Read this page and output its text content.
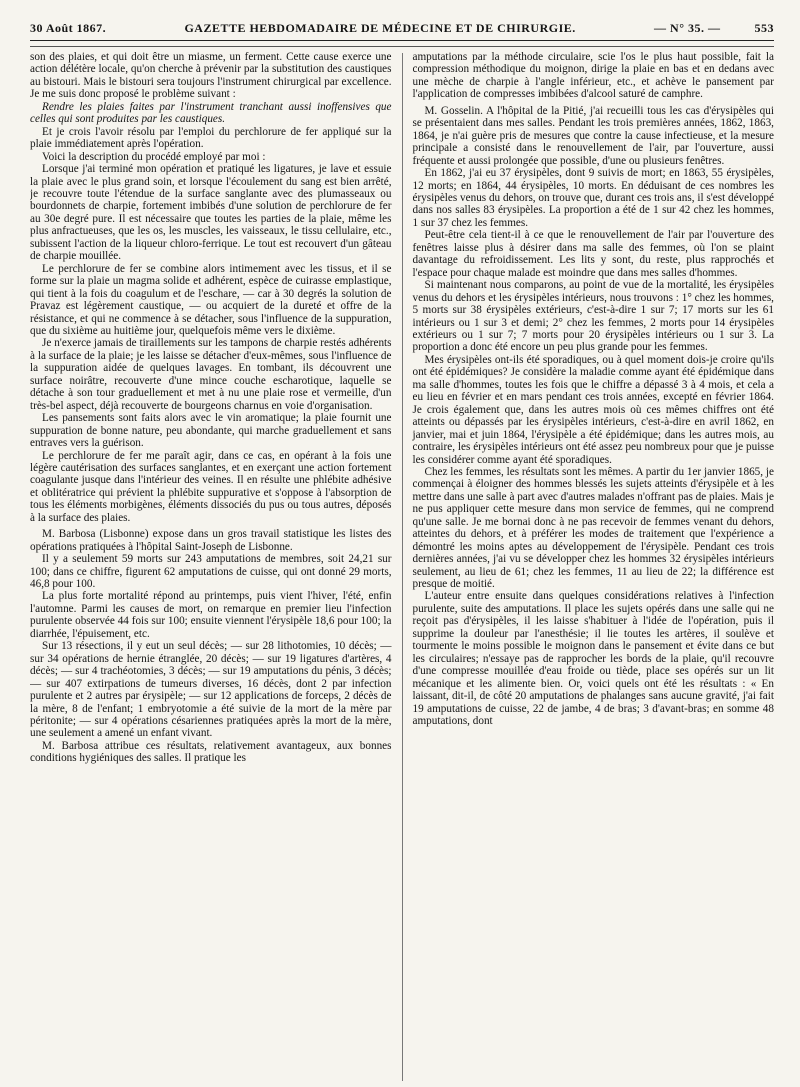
30 Août 1867.	GAZETTE HEBDOMADAIRE DE MÉDECINE ET DE CHIRURGIE.	— N° 35. —	553

son des plaies, et qui doit être un miasme, un ferment. Cette cause exerce une action délétère locale, qu'on cherche à prévenir par la substitution des caustiques au bistouri. Mais le bistouri sera toujours l'instrument chirurgical par excellence. Je me suis donc proposé le problème suivant :

Rendre les plaies faites par l'instrument tranchant aussi inoffensives que celles qui sont produites par les caustiques.

Et je crois l'avoir résolu par l'emploi du perchlorure de fer appliqué sur la plaie immédiatement après l'opération.

Voici la description du procédé employé par moi :

Lorsque j'ai terminé mon opération et pratiqué les ligatures, je lave et essuie la plaie avec le plus grand soin, et lorsque l'écoulement du sang est bien arrêté, je recouvre toute l'étendue de la surface sanglante avec des plumasseaux ou bourdonnets de charpie, fortement imbibés d'une solution de perchlorure de fer au 30e degré pure. Il est nécessaire que toutes les parties de la plaie, même les plus anfractueuses, que les os, les muscles, les vaisseaux, le tissu cellulaire, etc., subissent l'action de la liqueur chloro-ferrique. Le tout est recouvert d'un gâteau de charpie mouillée.

Le perchlorure de fer se combine alors intimement avec les tissus, et il se forme sur la plaie un magma solide et adhérent, espèce de cuirasse emplastique, qui tient à la fois du coagulum et de l'eschare, — car à 30 degrés la solution de Pravaz est légèrement caustique, — ou acquiert de la dureté et offre de la résistance, et qui ne commence à se détacher, sous l'influence de la suppuration, que du sixième au huitième jour, quelquefois même vers le dixième.

Je n'exerce jamais de tiraillements sur les tampons de charpie restés adhérents à la surface de la plaie; je les laisse se détacher d'eux-mêmes, sous l'influence de la suppuration aidée de quelques lavages. En tombant, ils découvrent une surface noirâtre, recouverte d'une mince couche escharotique, laquelle se détache à son tour graduellement et met à nu une plaie rose et vermeille, d'un très-bel aspect, déjà recouverte de bourgeons charnus en voie d'organisation.

Les pansements sont faits alors avec le vin aromatique; la plaie fournit une suppuration de bonne nature, peu abondante, qui marche graduellement et sans entraves vers la guérison.

Le perchlorure de fer me paraît agir, dans ce cas, en opérant à la fois une légère cautérisation des surfaces sanglantes, et en exerçant une action fortement coagulante jusque dans l'intérieur des veines. Il en résulte une phlébite adhésive et oblitératrice qui prévient la phlébite suppurative et s'oppose à l'absorption de tous les éléments morbigènes, éléments dissociés du pus ou tous autres, déposés à la surface des plaies.

M. Barbosa (Lisbonne) expose dans un gros travail statistique les listes des opérations pratiquées à l'hôpital Saint-Joseph de Lisbonne.

Il y a seulement 59 morts sur 243 amputations de membres, soit 24,21 sur 100; dans ce chiffre, figurent 62 amputations de cuisse, qui ont donné 29 morts, 46,8 pour 100.

La plus forte mortalité répond au printemps, puis vient l'hiver, l'été, enfin l'automne. Parmi les causes de mort, on remarque en premier lieu l'infection purulente observée 44 fois sur 100; ensuite viennent l'érysipèle 18,6 pour 100; la diarrhée, l'épuisement, etc.

Sur 13 résections, il y eut un seul décès; — sur 28 lithotomies, 10 décès; — sur 34 opérations de hernie étranglée, 20 décès; — sur 19 ligatures d'artères, 4 décès; — sur 4 trachéotomies, 3 décès; — sur 19 amputations du pénis, 3 décès; — sur 407 extirpations de tumeurs diverses, 16 décès, dont 2 par infection purulente et 2 autres par érysipèle; — sur 12 applications de forceps, 2 décès de la mère, 8 de l'enfant; 1 embryotomie a été suivie de la mort de la mère par péritonite; — sur 4 opérations césariennes pratiquées après la mort de la mère, une seulement a amené un enfant vivant.

M. Barbosa attribue ces résultats, relativement avantageux, aux bonnes conditions hygiéniques des salles. Il pratique les

amputations par la méthode circulaire, scie l'os le plus haut possible, fait la compression méthodique du moignon, dirige la plaie en bas et en dedans avec une mèche de charpie à l'angle inférieur, etc., et achève le pansement par l'application de compresses imbibées d'alcool saturé de camphre.

M. Gosselin. A l'hôpital de la Pitié, j'ai recueilli tous les cas d'érysipèles qui se présentaient dans mes salles. Pendant les trois premières années, 1862, 1863, 1864, je n'ai guère pris de mesures que contre la cause infectieuse, et la mesure principale a consisté dans le renouvellement de l'air, par l'ouverture, aussi fréquente et aussi prolongée que possible, d'une ou plusieurs fenêtres.

En 1862, j'ai eu 37 érysipèles, dont 9 suivis de mort; en 1863, 55 érysipèles, 12 morts; en 1864, 44 érysipèles, 10 morts. En déduisant de ces nombres les érysipèles venus du dehors, on trouve que, durant ces trois ans, il s'est développé dans nos salles 83 érysipèles. La proportion a été de 1 sur 42 chez les hommes, 1 sur 37 chez les femmes.

Peut-être cela tient-il à ce que le renouvellement de l'air par l'ouverture des fenêtres laisse plus à désirer dans ma salle des femmes, où l'on se plaint davantage du refroidissement. Les lits y sont, du reste, plus rapprochés et l'espace pour chaque malade est moindre que dans mes salles d'hommes.

Si maintenant nous comparons, au point de vue de la mortalité, les érysipèles venus du dehors et les érysipèles intérieurs, nous trouvons : 1° chez les hommes, 5 morts sur 38 érysipèles extérieurs, c'est-à-dire 1 sur 7; 17 morts sur les 61 intérieurs ou 1 sur 3 et demi; 2° chez les femmes, 2 morts pour 14 érysipèles extérieurs ou 1 sur 7; 7 morts pour 20 érysipèles intérieurs ou 1 sur 3. La proportion a donc été encore un peu plus grande pour les femmes.

Mes érysipèles ont-ils été sporadiques, ou à quel moment dois-je croire qu'ils ont été épidémiques? Je considère la maladie comme ayant été épidémique dans ma salle d'hommes, toutes les fois que le chiffre a dépassé 3 à 4 mois, et cela a eu lieu en février et en mars pendant ces trois années, excepté en février 1864. Je crois également que, dans les autres mois où ces mêmes chiffres ont été atteints ou dépassés par les érysipèles intérieurs, c'est-à-dire en avril 1862, en janvier, mai et juin 1864, l'érysipèle a été épidémique; dans les autres mois, au contraire, les érysipèles intérieurs ont été assez peu nombreux pour que je puisse les considérer comme ayant été sporadiques.

Chez les femmes, les résultats sont les mêmes. A partir du 1er janvier 1865, je commençai à éloigner des hommes blessés les sujets atteints d'érysipèle et à les mettre dans une salle à part avec d'autres malades n'offrant pas de plaies. Mais je ne pus appliquer cette mesure dans mon service de femmes, qui ne comprend qu'une salle. Je me bornai donc à ne pas recevoir de femmes venant du dehors, atteintes du dehors, et à préférer les modes de traitement que l'expérience a démontré les moins aptes au développement de l'érysipèle. Pendant ces trois dernières années, j'ai vu se développer chez les hommes 32 érysipèles intérieurs seulement, au lieu de 61; chez les femmes, 11 au lieu de 22; la différence est presque de moitié.

L'auteur entre ensuite dans quelques considérations relatives à l'infection purulente, suite des amputations. Il place les sujets opérés dans une salle qui ne reçoit pas d'érysipèles, il les laisse s'habituer à l'idée de l'opération, puis il supprime la douleur par l'anesthésie; il lie toutes les artères, il soulève et tourmente le moins possible le moignon dans le pansement et évite dans ce but les circulaires; n'essaye pas de rapprocher les bords de la plaie, qu'il recouvre d'une compresse mouillée d'eau froide ou tiède, place ses opérés sur un lit mécanique et les alimente bien. Or, voici quels ont été les résultats : « En laissant, dit-il, de côté 20 amputations de phalanges sans aucune gravité, j'ai fait 19 amputations de cuisse, 22 de jambe, 4 de bras; 3 d'avant-bras; en somme 48 amputations, dont
